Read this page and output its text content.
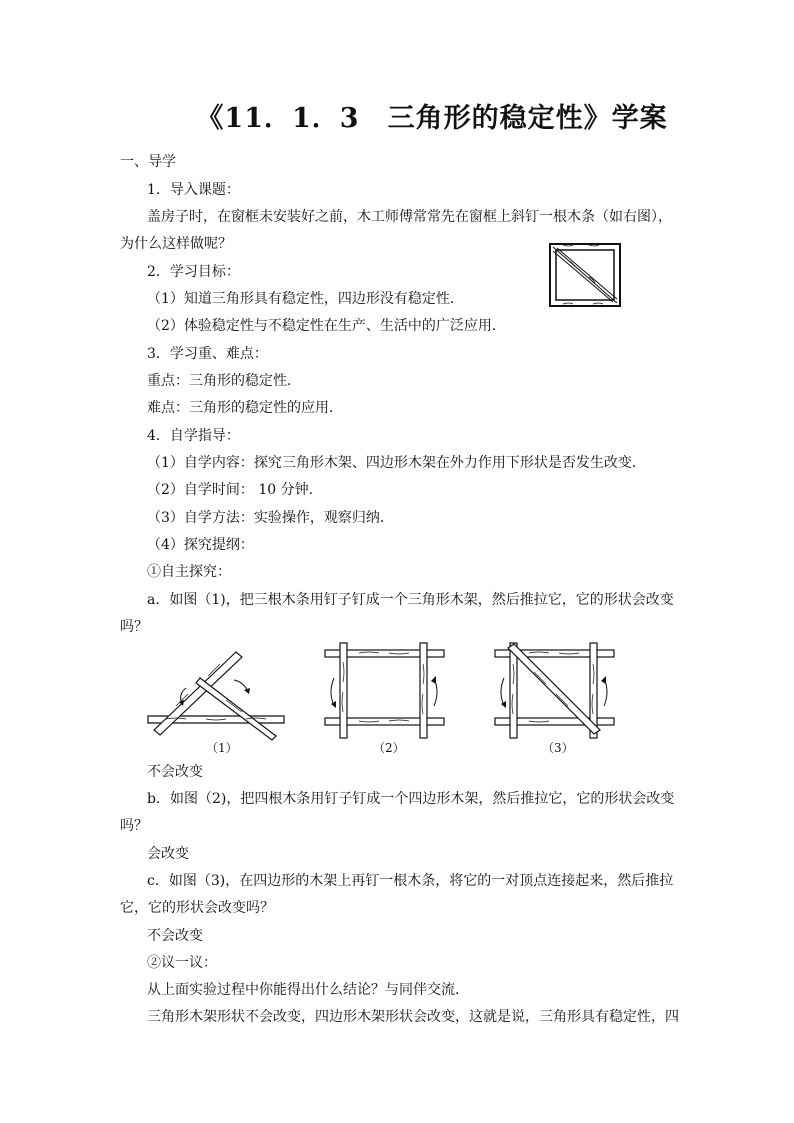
《11．1．3　三角形的稳定性》学案
一、导学
1．导入课题：
盖房子时，在窗框未安装好之前，木工师傅常常先在窗框上斜钉一根木条（如右图），
为什么这样做呢？
2．学习目标：
（1）知道三角形具有稳定性，四边形没有稳定性．
（2）体验稳定性与不稳定性在生产、生活中的广泛应用．
3．学习重、难点：
重点：三角形的稳定性．
难点：三角形的稳定性的应用．
4．自学指导：
（1）自学内容：探究三角形木架、四边形木架在外力作用下形状是否发生改变．
（2）自学时间： 10 分钟．
（3）自学方法：实验操作，观察归纳．
（4）探究提纲：
①自主探究：
a．如图（1)，把三根木条用钉子钉成一个三角形木架，然后推拉它，它的形状会改变
吗？
（1）	（2）	（3）
不会改变
b．如图（2)，把四根木条用钉子钉成一个四边形木架，然后推拉它，它的形状会改变
吗？
会改变
c．如图（3)，在四边形的木架上再钉一根木条，将它的一对顶点连接起来，然后推拉
它，它的形状会改变吗？
不会改变
②议一议：
从上面实验过程中你能得出什么结论？与同伴交流．
三角形木架形状不会改变，四边形木架形状会改变，这就是说，三角形具有稳定性，四
